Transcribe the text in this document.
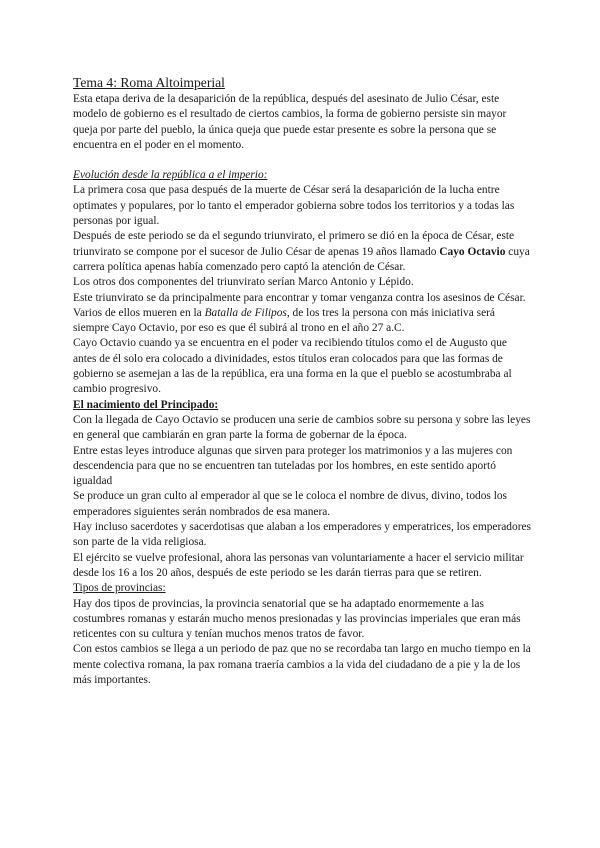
Tema 4: Roma Altoimperial

Esta etapa deriva de la desaparición de la república, después del asesinato de Julio César, este modelo de gobierno es el resultado de ciertos cambios, la forma de gobierno persiste sin mayor queja por parte del pueblo, la única queja que puede estar presente es sobre la persona que se encuentra en el poder en el momento.

Evolución desde la república a el imperio:

La primera cosa que pasa después de la muerte de César será la desaparición de la lucha entre optimates y populares, por lo tanto el emperador gobierna sobre todos los territorios y a todas las personas por igual.

Después de este periodo se da el segundo triunvirato, el primero se dió en la época de César, este triunvirato se compone por el sucesor de Julio César de apenas 19 años llamado Cayo Octavio cuya carrera política apenas había comenzado pero captó la atención de César.

Los otros dos componentes del triunvirato serían Marco Antonio y Lépido.

Este triunvirato se da principalmente para encontrar y tomar venganza contra los asesinos de César.

Varios de ellos mueren en la Batalla de Filipos, de los tres la persona con más iniciativa será siempre Cayo Octavio, por eso es que él subirá al trono en el año 27 a.C.

Cayo Octavio cuando ya se encuentra en el poder va recibiendo títulos como el de Augusto que antes de él solo era colocado a divinidades, estos títulos eran colocados para que las formas de gobierno se asemejan a las de la república, era una forma en la que el pueblo se acostumbraba al cambio progresivo.

El nacimiento del Principado:

Con la llegada de Cayo Octavio se producen una serie de cambios sobre su persona y sobre las leyes en general que cambiarán en gran parte la forma de gobernar de la época.

Entre estas leyes introduce algunas que sirven para proteger los matrimonios y a las mujeres con descendencia para que no se encuentren tan tuteladas por los hombres, en este sentido aportó igualdad

Se produce un gran culto al emperador al que se le coloca el nombre de divus, divino, todos los emperadores siguientes serán nombrados de esa manera.

Hay incluso sacerdotes y sacerdotisas que alaban a los emperadores y emperatrices, los emperadores son parte de la vida religiosa.

El ejército se vuelve profesional, ahora las personas van voluntariamente a hacer el servicio militar desde los 16 a los 20 años, después de este periodo se les darán tierras para que se retiren.

Tipos de provincias:

Hay dos tipos de provincias, la provincia senatorial que se ha adaptado enormemente a las costumbres romanas y estarán mucho menos presionadas y las provincias imperiales que eran más reticentes con su cultura y tenían muchos menos tratos de favor.

Con estos cambios se llega a un periodo de paz que no se recordaba tan largo en mucho tiempo en la mente colectiva romana, la pax romana traería cambios a la vida del ciudadano de a pie y la de los más importantes.
